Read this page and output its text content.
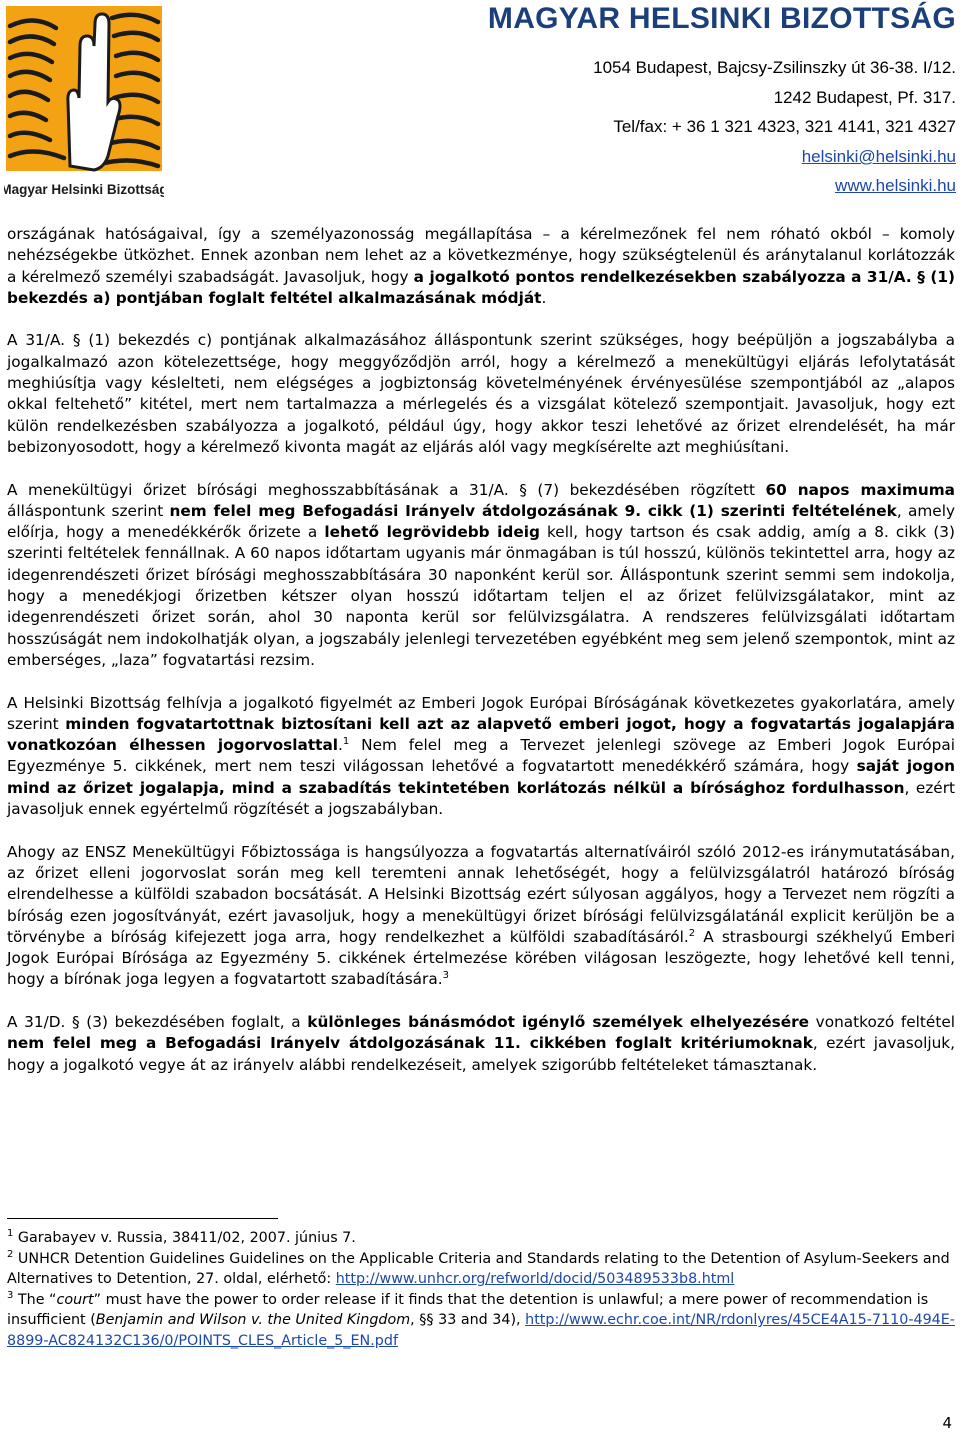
Magyar Helsinki Bizottság
MAGYAR HELSINKI BIZOTTSÁG
1054 Budapest, Bajcsy-Zsilinszky út 36-38. I/12.
1242 Budapest, Pf. 317.
Tel/fax: + 36 1 321 4323, 321 4141, 321 4327
helsinki@helsinki.hu
www.helsinki.hu

országának hatóságaival, így a személyazonosság megállapítása – a kérelmezőnek fel nem róható okból – komoly nehézségekbe ütközhet. Ennek azonban nem lehet az a következménye, hogy szükségtelenül és aránytalanul korlátozzák a kérelmező személyi szabadságát. Javasoljuk, hogy a jogalkotó pontos rendelkezésekben szabályozza a 31/A. § (1) bekezdés a) pontjában foglalt feltétel alkalmazásának módját.

A 31/A. § (1) bekezdés c) pontjának alkalmazásához álláspontunk szerint szükséges, hogy beépüljön a jogszabályba a jogalkalmazó azon kötelezettsége, hogy meggyőződjön arról, hogy a kérelmező a menekültügyi eljárás lefolytatását meghiúsítja vagy késlelteti, nem elégséges a jogbiztonság követelményének érvényesülése szempontjából az „alapos okkal feltehető” kitétel, mert nem tartalmazza a mérlegelés és a vizsgálat kötelező szempontjait. Javasoljuk, hogy ezt külön rendelkezésben szabályozza a jogalkotó, például úgy, hogy akkor teszi lehetővé az őrizet elrendelését, ha már bebizonyosodott, hogy a kérelmező kivonta magát az eljárás alól vagy megkísérelte azt meghiúsítani.

A menekültügyi őrizet bírósági meghosszabbításának a 31/A. § (7) bekezdésében rögzített 60 napos maximuma álláspontunk szerint nem felel meg Befogadási Irányelv átdolgozásának 9. cikk (1) szerinti feltételének, amely előírja, hogy a menedékkérők őrizete a lehető legrövidebb ideig kell, hogy tartson és csak addig, amíg a 8. cikk (3) szerinti feltételek fennállnak. A 60 napos időtartam ugyanis már önmagában is túl hosszú, különös tekintettel arra, hogy az idegenrendészeti őrizet bírósági meghosszabbítására 30 naponként kerül sor. Álláspontunk szerint semmi sem indokolja, hogy a menedékjogi őrizetben kétszer olyan hosszú időtartam teljen el az őrizet felülvizsgálatakor, mint az idegenrendészeti őrizet során, ahol 30 naponta kerül sor felülvizsgálatra. A rendszeres felülvizsgálati időtartam hosszúságát nem indokolhatják olyan, a jogszabály jelenlegi tervezetében egyébként meg sem jelenő szempontok, mint az emberséges, „laza” fogvatartási rezsim.

A Helsinki Bizottság felhívja a jogalkotó figyelmét az Emberi Jogok Európai Bíróságának következetes gyakorlatára, amely szerint minden fogvatartottnak biztosítani kell azt az alapvető emberi jogot, hogy a fogvatartás jogalapjára vonatkozóan élhessen jogorvoslattal.$^1$ Nem felel meg a Tervezet jelenlegi szövege az Emberi Jogok Európai Egyezménye 5. cikkének, mert nem teszi világossan lehetővé a fogvatartott menedékkérő számára, hogy saját jogon mind az őrizet jogalapja, mind a szabadítás tekintetében korlátozás nélkül a bírósághoz fordulhasson, ezért javasoljuk ennek egyértelmű rögzítését a jogszabályban.

Ahogy az ENSZ Menekültügyi Főbiztossága is hangsúlyozza a fogvatartás alternatíváiról szóló 2012-es iránymutatásában, az őrizet elleni jogorvoslat során meg kell teremteni annak lehetőségét, hogy a felülvizsgálatról határozó bíróság elrendelhesse a külföldi szabadon bocsátását. A Helsinki Bizottság ezért súlyosan aggályos, hogy a Tervezet nem rögzíti a bíróság ezen jogosítványát, ezért javasoljuk, hogy a menekültügyi őrizet bírósági felülvizsgálatánál explicit kerüljön be a törvénybe a bíróság kifejezett joga arra, hogy rendelkezhet a külföldi szabadításáról.$^2$ A strasbourgi székhelyű Emberi Jogok Európai Bírósága az Egyezmény 5. cikkének értelmezése körében világosan leszögezte, hogy lehetővé kell tenni, hogy a bírónak joga legyen a fogvatartott szabadítására.$^3$

A 31/D. § (3) bekezdésében foglalt, a különleges bánásmódot igénylő személyek elhelyezésére vonatkozó feltétel nem felel meg a Befogadási Irányelv átdolgozásának 11. cikkében foglalt kritériumoknak, ezért javasoljuk, hogy a jogalkotó vegye át az irányelv alábbi rendelkezéseit, amelyek szigorúbb feltételeket támasztanak.

$^1$ Garabayev v. Russia, 38411/02, 2007. június 7.

$^2$ UNHCR Detention Guidelines Guidelines on the Applicable Criteria and Standards relating to the Detention of Asylum-Seekers and Alternatives to Detention, 27. oldal, elérhető: http://www.unhcr.org/refworld/docid/503489533b8.html

$^3$ The “court” must have the power to order release if it finds that the detention is unlawful; a mere power of recommendation is insufficient (Benjamin and Wilson v. the United Kingdom, §§ 33 and 34), http://www.echr.coe.int/NR/rdonlyres/45CE4A15-7110-494E-8899-AC824132C136/0/POINTS_CLES_Article_5_EN.pdf

4
